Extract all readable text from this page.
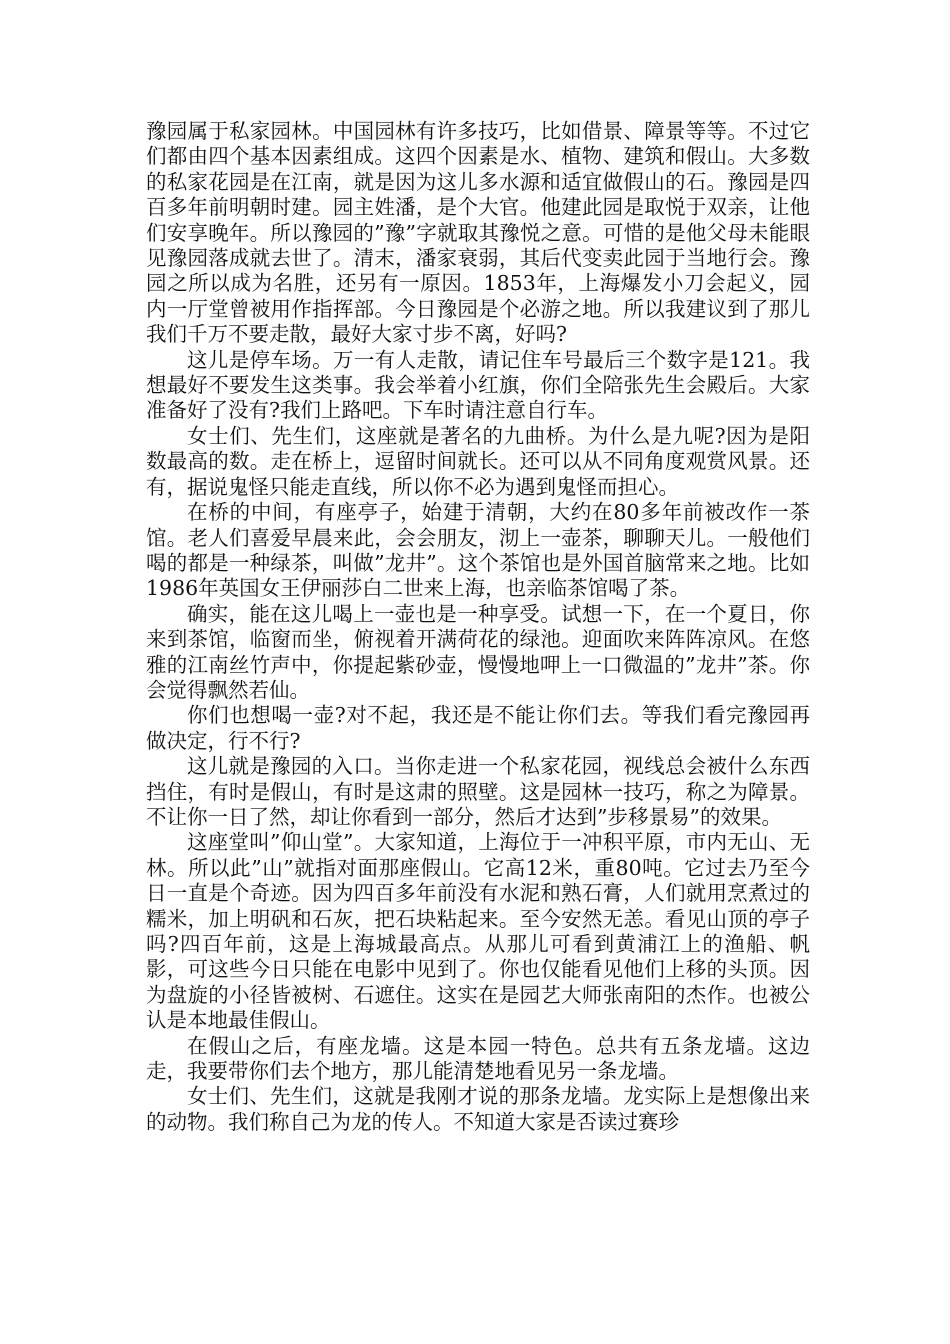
豫园属于私家园林。中国园林有许多技巧，比如借景、障景等等。不过它们都由四个基本因素组成。这四个因素是水、植物、建筑和假山。大多数的私家花园是在江南，就是因为这儿多水源和适宜做假山的石。豫园是四百多年前明朝时建。园主姓潘，是个大官。他建此园是取悦于双亲，让他们安享晚年。所以豫园的”豫”字就取其豫悦之意。可惜的是他父母未能眼见豫园落成就去世了。清末，潘家衰弱，其后代变卖此园于当地行会。豫园之所以成为名胜，还另有一原因。1853年，上海爆发小刀会起义，园内一厅堂曾被用作指挥部。今日豫园是个必游之地。所以我建议到了那儿我们千万不要走散，最好大家寸步不离，好吗?

这儿是停车场。万一有人走散，请记住车号最后三个数字是121。我想最好不要发生这类事。我会举着小红旗，你们全陪张先生会殿后。大家准备好了没有?我们上路吧。下车时请注意自行车。

女士们、先生们，这座就是著名的九曲桥。为什么是九呢?因为是阳数最高的数。走在桥上，逗留时间就长。还可以从不同角度观赏风景。还有，据说鬼怪只能走直线，所以你不必为遇到鬼怪而担心。

在桥的中间，有座亭子，始建于清朝，大约在80多年前被改作一茶馆。老人们喜爱早晨来此，会会朋友，沏上一壶茶，聊聊天儿。一般他们喝的都是一种绿茶，叫做”龙井”。这个茶馆也是外国首脑常来之地。比如1986年英国女王伊丽莎白二世来上海，也亲临茶馆喝了茶。

确实，能在这儿喝上一壶也是一种享受。试想一下，在一个夏日，你来到茶馆，临窗而坐，俯视着开满荷花的绿池。迎面吹来阵阵凉风。在悠雅的江南丝竹声中，你提起紫砂壶，慢慢地呷上一口微温的”龙井”茶。你会觉得飘然若仙。

你们也想喝一壶?对不起，我还是不能让你们去。等我们看完豫园再做决定，行不行?

这儿就是豫园的入口。当你走进一个私家花园，视线总会被什么东西挡住，有时是假山，有时是这肃的照壁。这是园林一技巧，称之为障景。不让你一日了然，却让你看到一部分，然后才达到”步移景易”的效果。

这座堂叫”仰山堂”。大家知道，上海位于一冲积平原，市内无山、无林。所以此”山”就指对面那座假山。它高12米，重80吨。它过去乃至今日一直是个奇迹。因为四百多年前没有水泥和熟石膏，人们就用烹煮过的糯米，加上明矾和石灰，把石块粘起来。至今安然无恙。看见山顶的亭子吗?四百年前，这是上海城最高点。从那儿可看到黄浦江上的渔船、帆影，可这些今日只能在电影中见到了。你也仅能看见他们上移的头顶。因为盘旋的小径皆被树、石遮住。这实在是园艺大师张南阳的杰作。也被公认是本地最佳假山。

在假山之后，有座龙墙。这是本园一特色。总共有五条龙墙。这边走，我要带你们去个地方，那儿能清楚地看见另一条龙墙。

女士们、先生们，这就是我刚才说的那条龙墙。龙实际上是想像出来的动物。我们称自己为龙的传人。不知道大家是否读过赛珍
